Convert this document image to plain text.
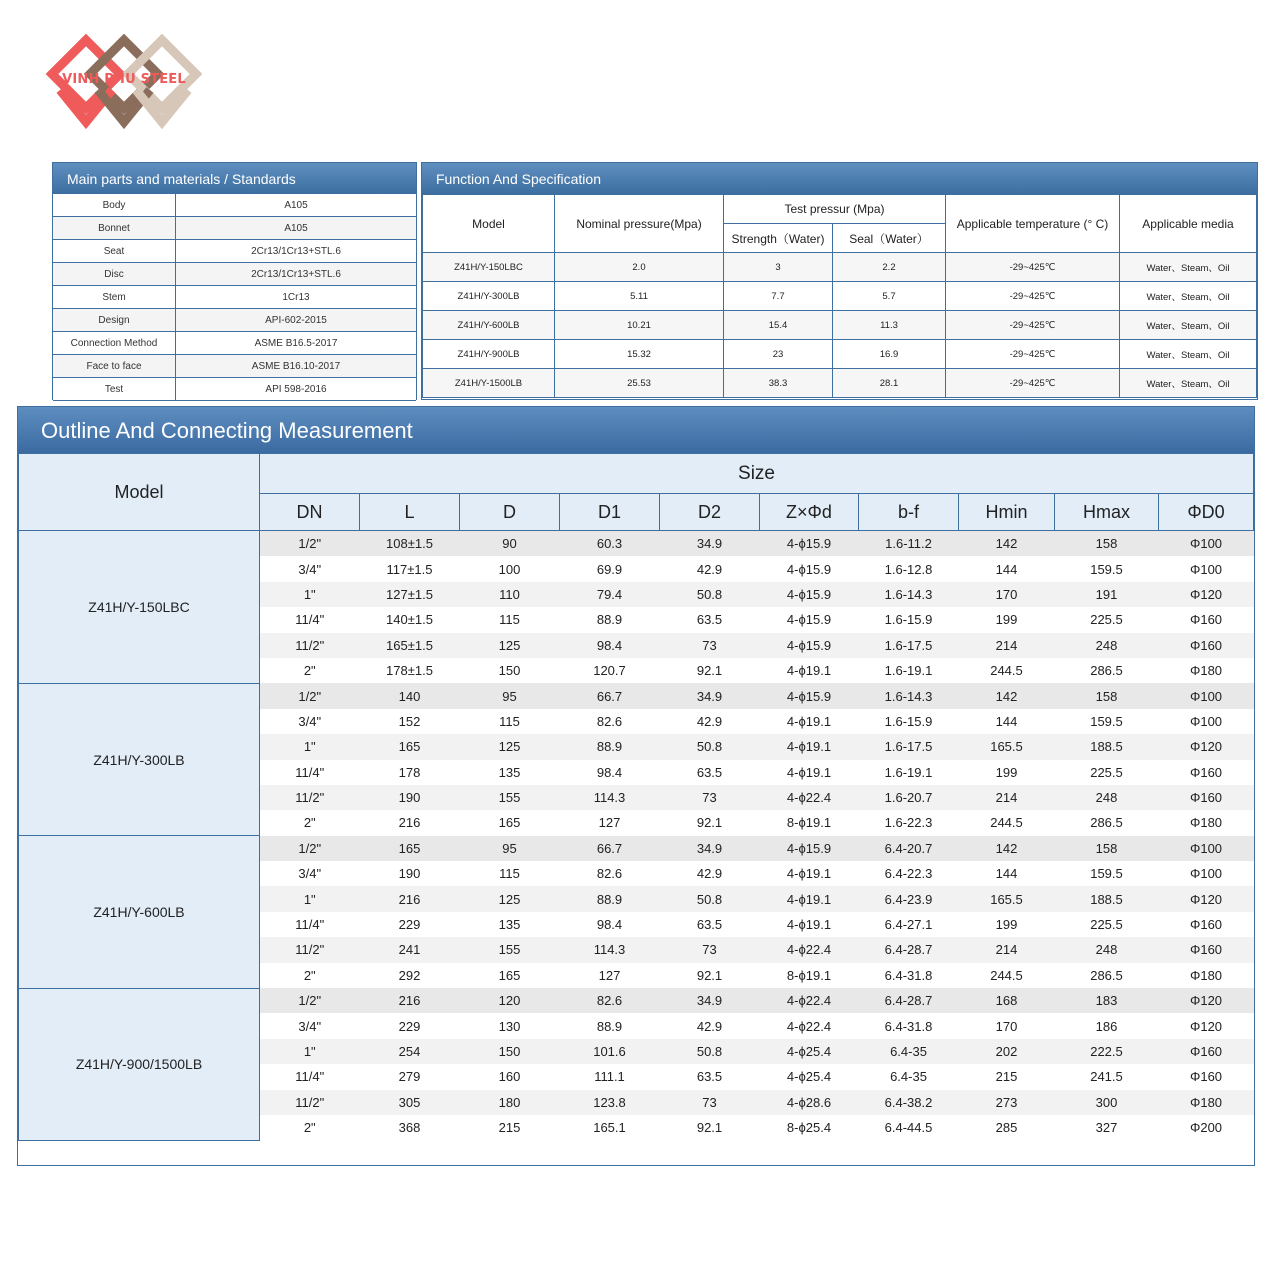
VINH PHU STEEL
Main parts and materials / Standards
Body	A105
Bonnet	A105
Seat	2Cr13/1Cr13+STL.6
Disc	2Cr13/1Cr13+STL.6
Stem	1Cr13
Design	API-602-2015
Connection Method	ASME B16.5-2017
Face to face	ASME B16.10-2017
Test	API 598-2016
Function And Specification
Model	Nominal pressure(Mpa)	Test pressur (Mpa)		Applicable temperature (° C)	Applicable media
		Strength（Water)	Seal（Water）		
Z41H/Y-150LBC	2.0	3	2.2	-29~425℃	Water、Steam、Oil
Z41H/Y-300LB	5.11	7.7	5.7	-29~425℃	Water、Steam、Oil
Z41H/Y-600LB	10.21	15.4	11.3	-29~425℃	Water、Steam、Oil
Z41H/Y-900LB	15.32	23	16.9	-29~425℃	Water、Steam、Oil
Z41H/Y-1500LB	25.53	38.3	28.1	-29~425℃	Water、Steam、Oil
Outline And Connecting Measurement
Model	Size									
	DN	L	D	D1	D2	Z×Φd	b-f	Hmin	Hmax	ΦD0
Z41H/Y-150LBC	1/2"	108±1.5	90	60.3	34.9	4-ϕ15.9	1.6-11.2	142	158	Φ100
	3/4"	117±1.5	100	69.9	42.9	4-ϕ15.9	1.6-12.8	144	159.5	Φ100
	1"	127±1.5	110	79.4	50.8	4-ϕ15.9	1.6-14.3	170	191	Φ120
	11/4"	140±1.5	115	88.9	63.5	4-ϕ15.9	1.6-15.9	199	225.5	Φ160
	11/2"	165±1.5	125	98.4	73	4-ϕ15.9	1.6-17.5	214	248	Φ160
	2"	178±1.5	150	120.7	92.1	4-ϕ19.1	1.6-19.1	244.5	286.5	Φ180
Z41H/Y-300LB	1/2"	140	95	66.7	34.9	4-ϕ15.9	1.6-14.3	142	158	Φ100
	3/4"	152	115	82.6	42.9	4-ϕ19.1	1.6-15.9	144	159.5	Φ100
	1"	165	125	88.9	50.8	4-ϕ19.1	1.6-17.5	165.5	188.5	Φ120
	11/4"	178	135	98.4	63.5	4-ϕ19.1	1.6-19.1	199	225.5	Φ160
	11/2"	190	155	114.3	73	4-ϕ22.4	1.6-20.7	214	248	Φ160
	2"	216	165	127	92.1	8-ϕ19.1	1.6-22.3	244.5	286.5	Φ180
Z41H/Y-600LB	1/2"	165	95	66.7	34.9	4-ϕ15.9	6.4-20.7	142	158	Φ100
	3/4"	190	115	82.6	42.9	4-ϕ19.1	6.4-22.3	144	159.5	Φ100
	1"	216	125	88.9	50.8	4-ϕ19.1	6.4-23.9	165.5	188.5	Φ120
	11/4"	229	135	98.4	63.5	4-ϕ19.1	6.4-27.1	199	225.5	Φ160
	11/2"	241	155	114.3	73	4-ϕ22.4	6.4-28.7	214	248	Φ160
	2"	292	165	127	92.1	8-ϕ19.1	6.4-31.8	244.5	286.5	Φ180
Z41H/Y-900/1500LB	1/2"	216	120	82.6	34.9	4-ϕ22.4	6.4-28.7	168	183	Φ120
	3/4"	229	130	88.9	42.9	4-ϕ22.4	6.4-31.8	170	186	Φ120
	1"	254	150	101.6	50.8	4-ϕ25.4	6.4-35	202	222.5	Φ160
	11/4"	279	160	111.1	63.5	4-ϕ25.4	6.4-35	215	241.5	Φ160
	11/2"	305	180	123.8	73	4-ϕ28.6	6.4-38.2	273	300	Φ180
	2"	368	215	165.1	92.1	8-ϕ25.4	6.4-44.5	285	327	Φ200
